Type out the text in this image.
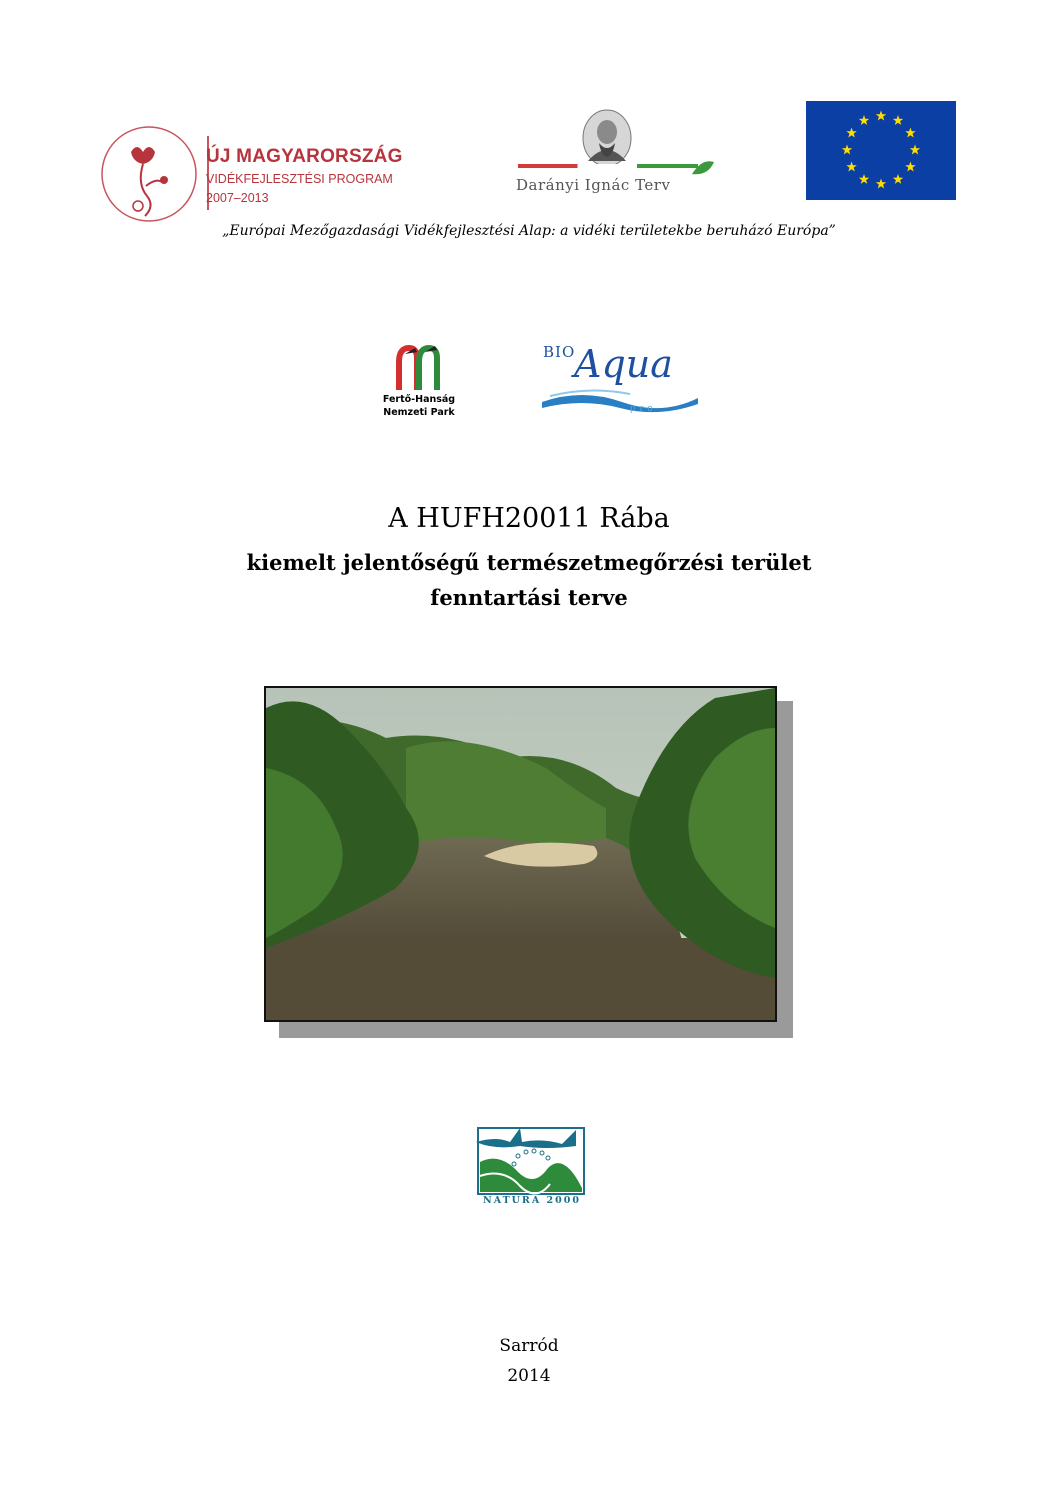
ÚJ MAGYARORSZÁG
VIDÉKFEJLESZTÉSI PROGRAM
2007–2013
Darányi Ignác Terv
„Európai Mezőgazdasági Vidékfejlesztési Alap: a vidéki területekbe beruházó Európa”
Fertő-Hanság
Nemzeti Park
BIO
Aqua
pro
A HUFH20011 Rába
kiemelt jelentőségű természetmegőrzési terület
fenntartási terve
NATURA 2000
Sarród
2014
